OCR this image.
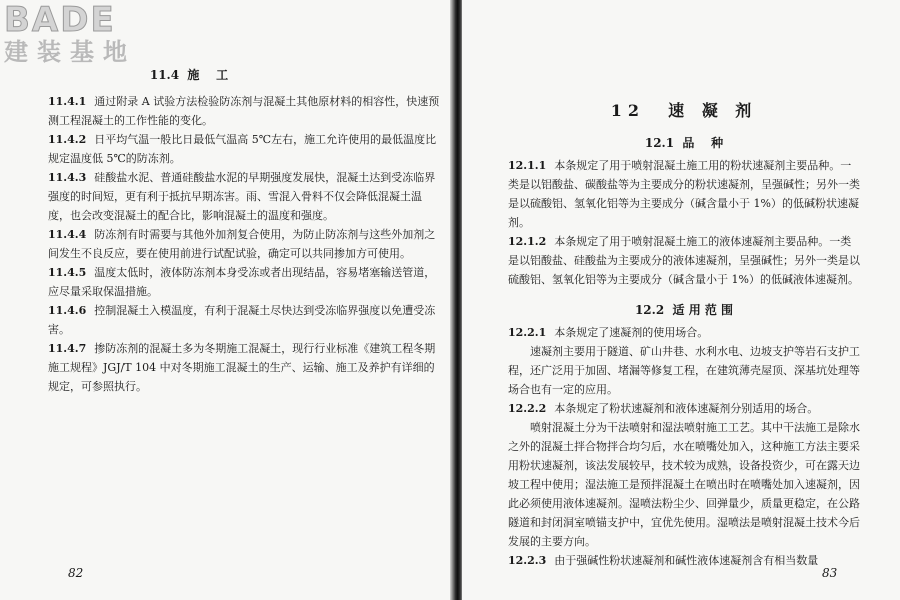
BADE
建装基地
11.4  施    工

11.4.1 通过附录 A 试验方法检验防冻剂与混凝土其他原材料的相容性，快速预测工程混凝土的工作性能的变化。

11.4.2 日平均气温一般比日最低气温高 5℃左右，施工允许使用的最低温度比规定温度低 5℃的防冻剂。

11.4.3 硅酸盐水泥、普通硅酸盐水泥的早期强度发展快，混凝土达到受冻临界强度的时间短，更有利于抵抗早期冻害。雨、雪混入骨料不仅会降低混凝土温度，也会改变混凝土的配合比，影响混凝土的温度和强度。

11.4.4 防冻剂有时需要与其他外加剂复合使用，为防止防冻剂与这些外加剂之间发生不良反应，要在使用前进行试配试验，确定可以共同掺加方可使用。

11.4.5 温度太低时，液体防冻剂本身受冻或者出现结晶，容易堵塞输送管道，应尽量采取保温措施。

11.4.6 控制混凝土入模温度，有利于混凝土尽快达到受冻临界强度以免遭受冻害。

11.4.7 掺防冻剂的混凝土多为冬期施工混凝土，现行行业标准《建筑工程冬期施工规程》JGJ/T 104 中对冬期施工混凝土的生产、运输、施工及养护有详细的规定，可参照执行。

82
12  速 凝 剂
12.1  品    种

12.1.1 本条规定了用于喷射混凝土施工用的粉状速凝剂主要品种。一类是以铝酸盐、碳酸盐等为主要成分的粉状速凝剂，呈强碱性；另外一类是以硫酸铝、氢氧化铝等为主要成分（碱含量小于 1%）的低碱粉状速凝剂。

12.1.2 本条规定了用于喷射混凝土施工的液体速凝剂主要品种。一类是以铝酸盐、硅酸盐为主要成分的液体速凝剂，呈强碱性；另外一类是以硫酸铝、氢氧化铝等为主要成分（碱含量小于 1%）的低碱液体速凝剂。

12.2  适 用 范 围

12.2.1 本条规定了速凝剂的使用场合。

速凝剂主要用于隧道、矿山井巷、水利水电、边坡支护等岩石支护工程，还广泛用于加固、堵漏等修复工程，在建筑薄壳屋顶、深基坑处理等场合也有一定的应用。

12.2.2 本条规定了粉状速凝剂和液体速凝剂分别适用的场合。

喷射混凝土分为干法喷射和湿法喷射施工工艺。其中干法施工是除水之外的混凝土拌合物拌合均匀后，水在喷嘴处加入，这种施工方法主要采用粉状速凝剂，该法发展较早，技术较为成熟，设备投资少，可在露天边坡工程中使用；湿法施工是预拌混凝土在喷出时在喷嘴处加入速凝剂，因此必须使用液体速凝剂。湿喷法粉尘少、回弹量少，质量更稳定，在公路隧道和封闭洞室喷锚支护中，宜优先使用。湿喷法是喷射混凝土技术今后发展的主要方向。

12.2.3 由于强碱性粉状速凝剂和碱性液体速凝剂含有相当数量

83
